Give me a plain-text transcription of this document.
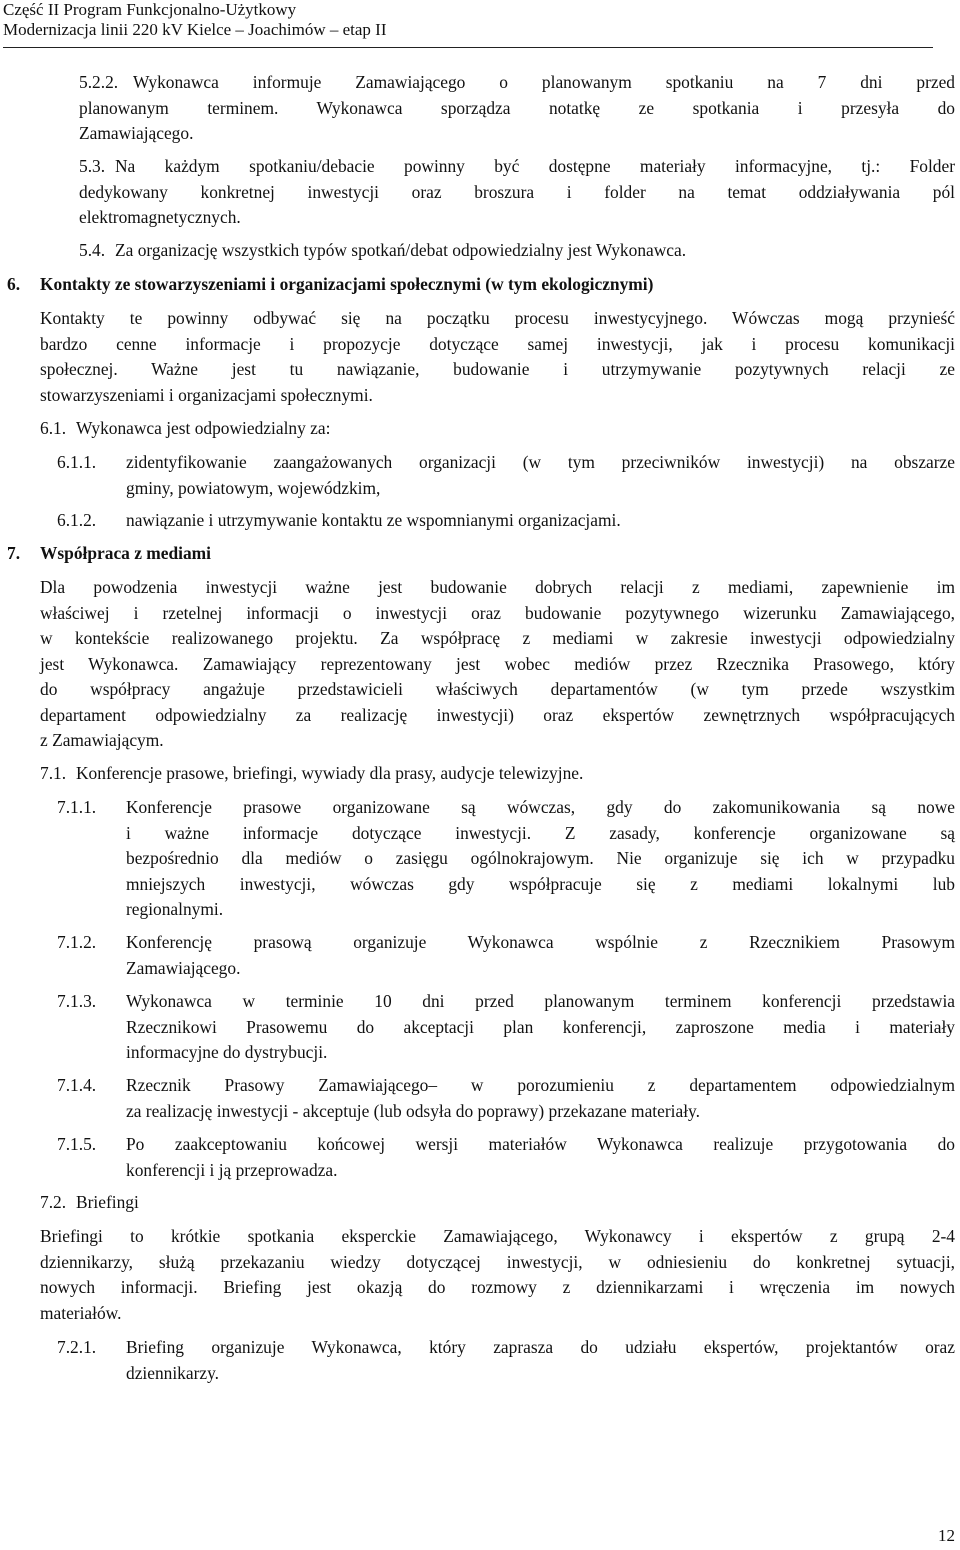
Część II Program Funkcjonalno-Użytkowy
Modernizacja linii 220 kV Kielce – Joachimów – etap II
5.2.2. Wykonawca informuje Zamawiającego o planowanym spotkaniu na 7 dni przed
planowanym terminem. Wykonawca sporządza notatkę ze spotkania i przesyła do
Zamawiającego.
5.3. Na każdym spotkaniu/debacie powinny być dostępne materiały informacyjne, tj.: Folder
dedykowany konkretnej inwestycji oraz broszura i folder na temat oddziaływania pól
elektromagnetycznych.
5.4. Za organizację wszystkich typów spotkań/debat odpowiedzialny jest Wykonawca.
6. Kontakty ze stowarzyszeniami i organizacjami społecznymi (w tym ekologicznymi)
Kontakty te powinny odbywać się na początku procesu inwestycyjnego. Wówczas mogą przynieść
bardzo cenne informacje i propozycje dotyczące samej inwestycji, jak i procesu komunikacji
społecznej. Ważne jest tu nawiązanie, budowanie i utrzymywanie pozytywnych relacji ze
stowarzyszeniami i organizacjami społecznymi.
6.1. Wykonawca jest odpowiedzialny za:
6.1.1. zidentyfikowanie zaangażowanych organizacji (w tym przeciwników inwestycji) na obszarze
gminy, powiatowym, wojewódzkim,
6.1.2. nawiązanie i utrzymywanie kontaktu ze wspomnianymi organizacjami.
7. Współpraca z mediami
Dla powodzenia inwestycji ważne jest budowanie dobrych relacji z mediami, zapewnienie im
właściwej i rzetelnej informacji o inwestycji oraz budowanie pozytywnego wizerunku Zamawiającego,
w kontekście realizowanego projektu. Za współpracę z mediami w zakresie inwestycji odpowiedzialny
jest Wykonawca. Zamawiający reprezentowany jest wobec mediów przez Rzecznika Prasowego, który
do współpracy angażuje przedstawicieli właściwych departamentów (w tym przede wszystkim
departament odpowiedzialny za realizację inwestycji) oraz ekspertów zewnętrznych współpracujących
z Zamawiającym.
7.1. Konferencje prasowe, briefingi, wywiady dla prasy, audycje telewizyjne.
7.1.1. Konferencje prasowe organizowane są wówczas, gdy do zakomunikowania są nowe
i ważne informacje dotyczące inwestycji. Z zasady, konferencje organizowane są
bezpośrednio dla mediów o zasięgu ogólnokrajowym. Nie organizuje się ich w przypadku
mniejszych inwestycji, wówczas gdy współpracuje się z mediami lokalnymi lub
regionalnymi.
7.1.2. Konferencję prasową organizuje Wykonawca wspólnie z Rzecznikiem Prasowym
Zamawiającego.
7.1.3. Wykonawca w terminie 10 dni przed planowanym terminem konferencji przedstawia
Rzecznikowi Prasowemu do akceptacji plan konferencji, zaproszone media i materiały
informacyjne do dystrybucji.
7.1.4. Rzecznik Prasowy Zamawiającego– w porozumieniu z departamentem odpowiedzialnym
za realizację inwestycji - akceptuje (lub odsyła do poprawy) przekazane materiały.
7.1.5. Po zaakceptowaniu końcowej wersji materiałów Wykonawca realizuje przygotowania do
konferencji i ją przeprowadza.
7.2. Briefingi
Briefingi to krótkie spotkania eksperckie Zamawiającego, Wykonawcy i ekspertów z grupą 2-4
dziennikarzy, służą przekazaniu wiedzy dotyczącej inwestycji, w odniesieniu do konkretnej sytuacji,
nowych informacji. Briefing jest okazją do rozmowy z dziennikarzami i wręczenia im nowych
materiałów.
7.2.1. Briefing organizuje Wykonawca, który zaprasza do udziału ekspertów, projektantów oraz
dziennikarzy.
12
